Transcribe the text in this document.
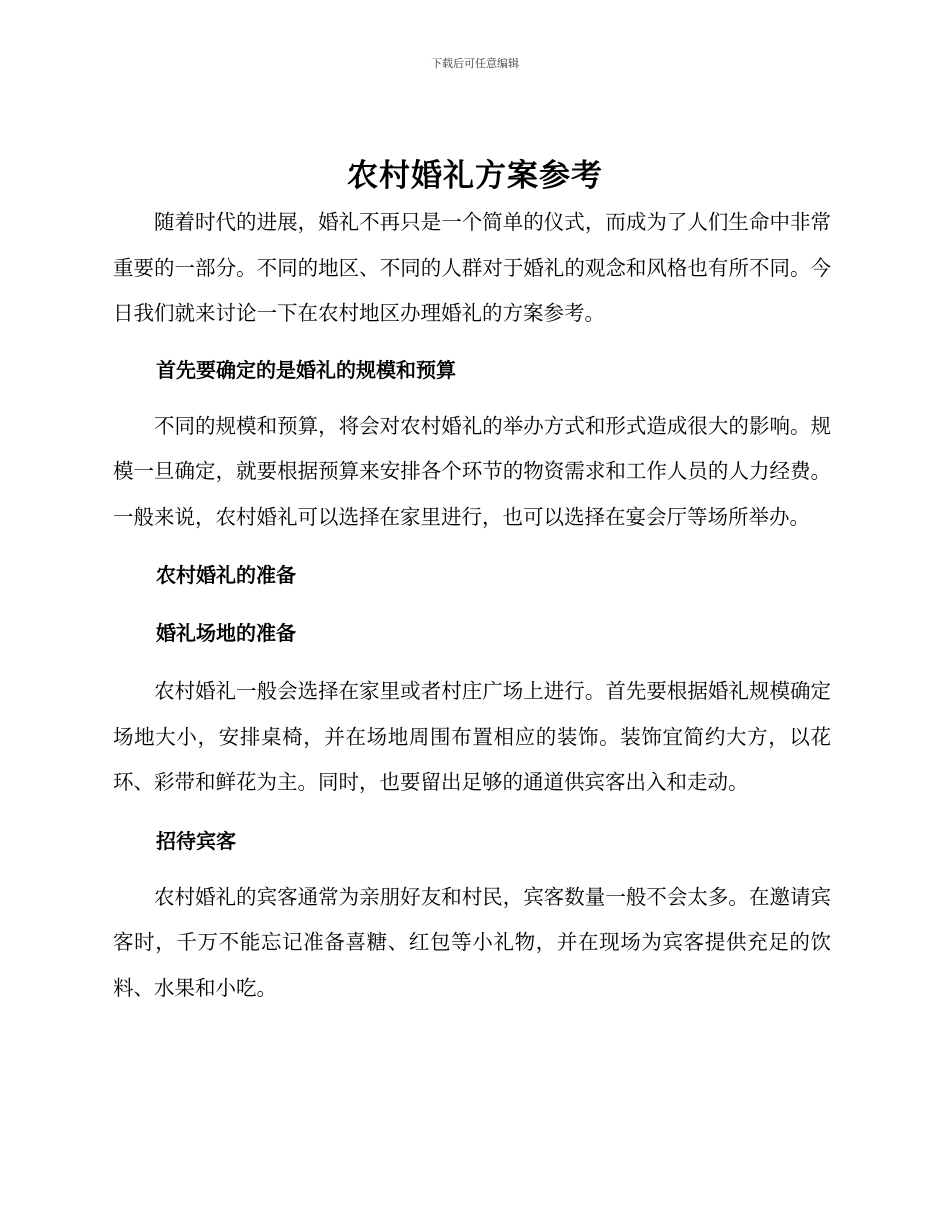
下载后可任意编辑
农村婚礼方案参考

随着时代的进展，婚礼不再只是一个简单的仪式，而成为了人们生命中非常重要的一部分。不同的地区、不同的人群对于婚礼的观念和风格也有所不同。今日我们就来讨论一下在农村地区办理婚礼的方案参考。

首先要确定的是婚礼的规模和预算

不同的规模和预算，将会对农村婚礼的举办方式和形式造成很大的影响。规模一旦确定，就要根据预算来安排各个环节的物资需求和工作人员的人力经费。一般来说，农村婚礼可以选择在家里进行，也可以选择在宴会厅等场所举办。

农村婚礼的准备

婚礼场地的准备

农村婚礼一般会选择在家里或者村庄广场上进行。首先要根据婚礼规模确定场地大小，安排桌椅，并在场地周围布置相应的装饰。装饰宜简约大方，以花环、彩带和鲜花为主。同时，也要留出足够的通道供宾客出入和走动。

招待宾客

农村婚礼的宾客通常为亲朋好友和村民，宾客数量一般不会太多。在邀请宾客时，千万不能忘记准备喜糖、红包等小礼物，并在现场为宾客提供充足的饮料、水果和小吃。
